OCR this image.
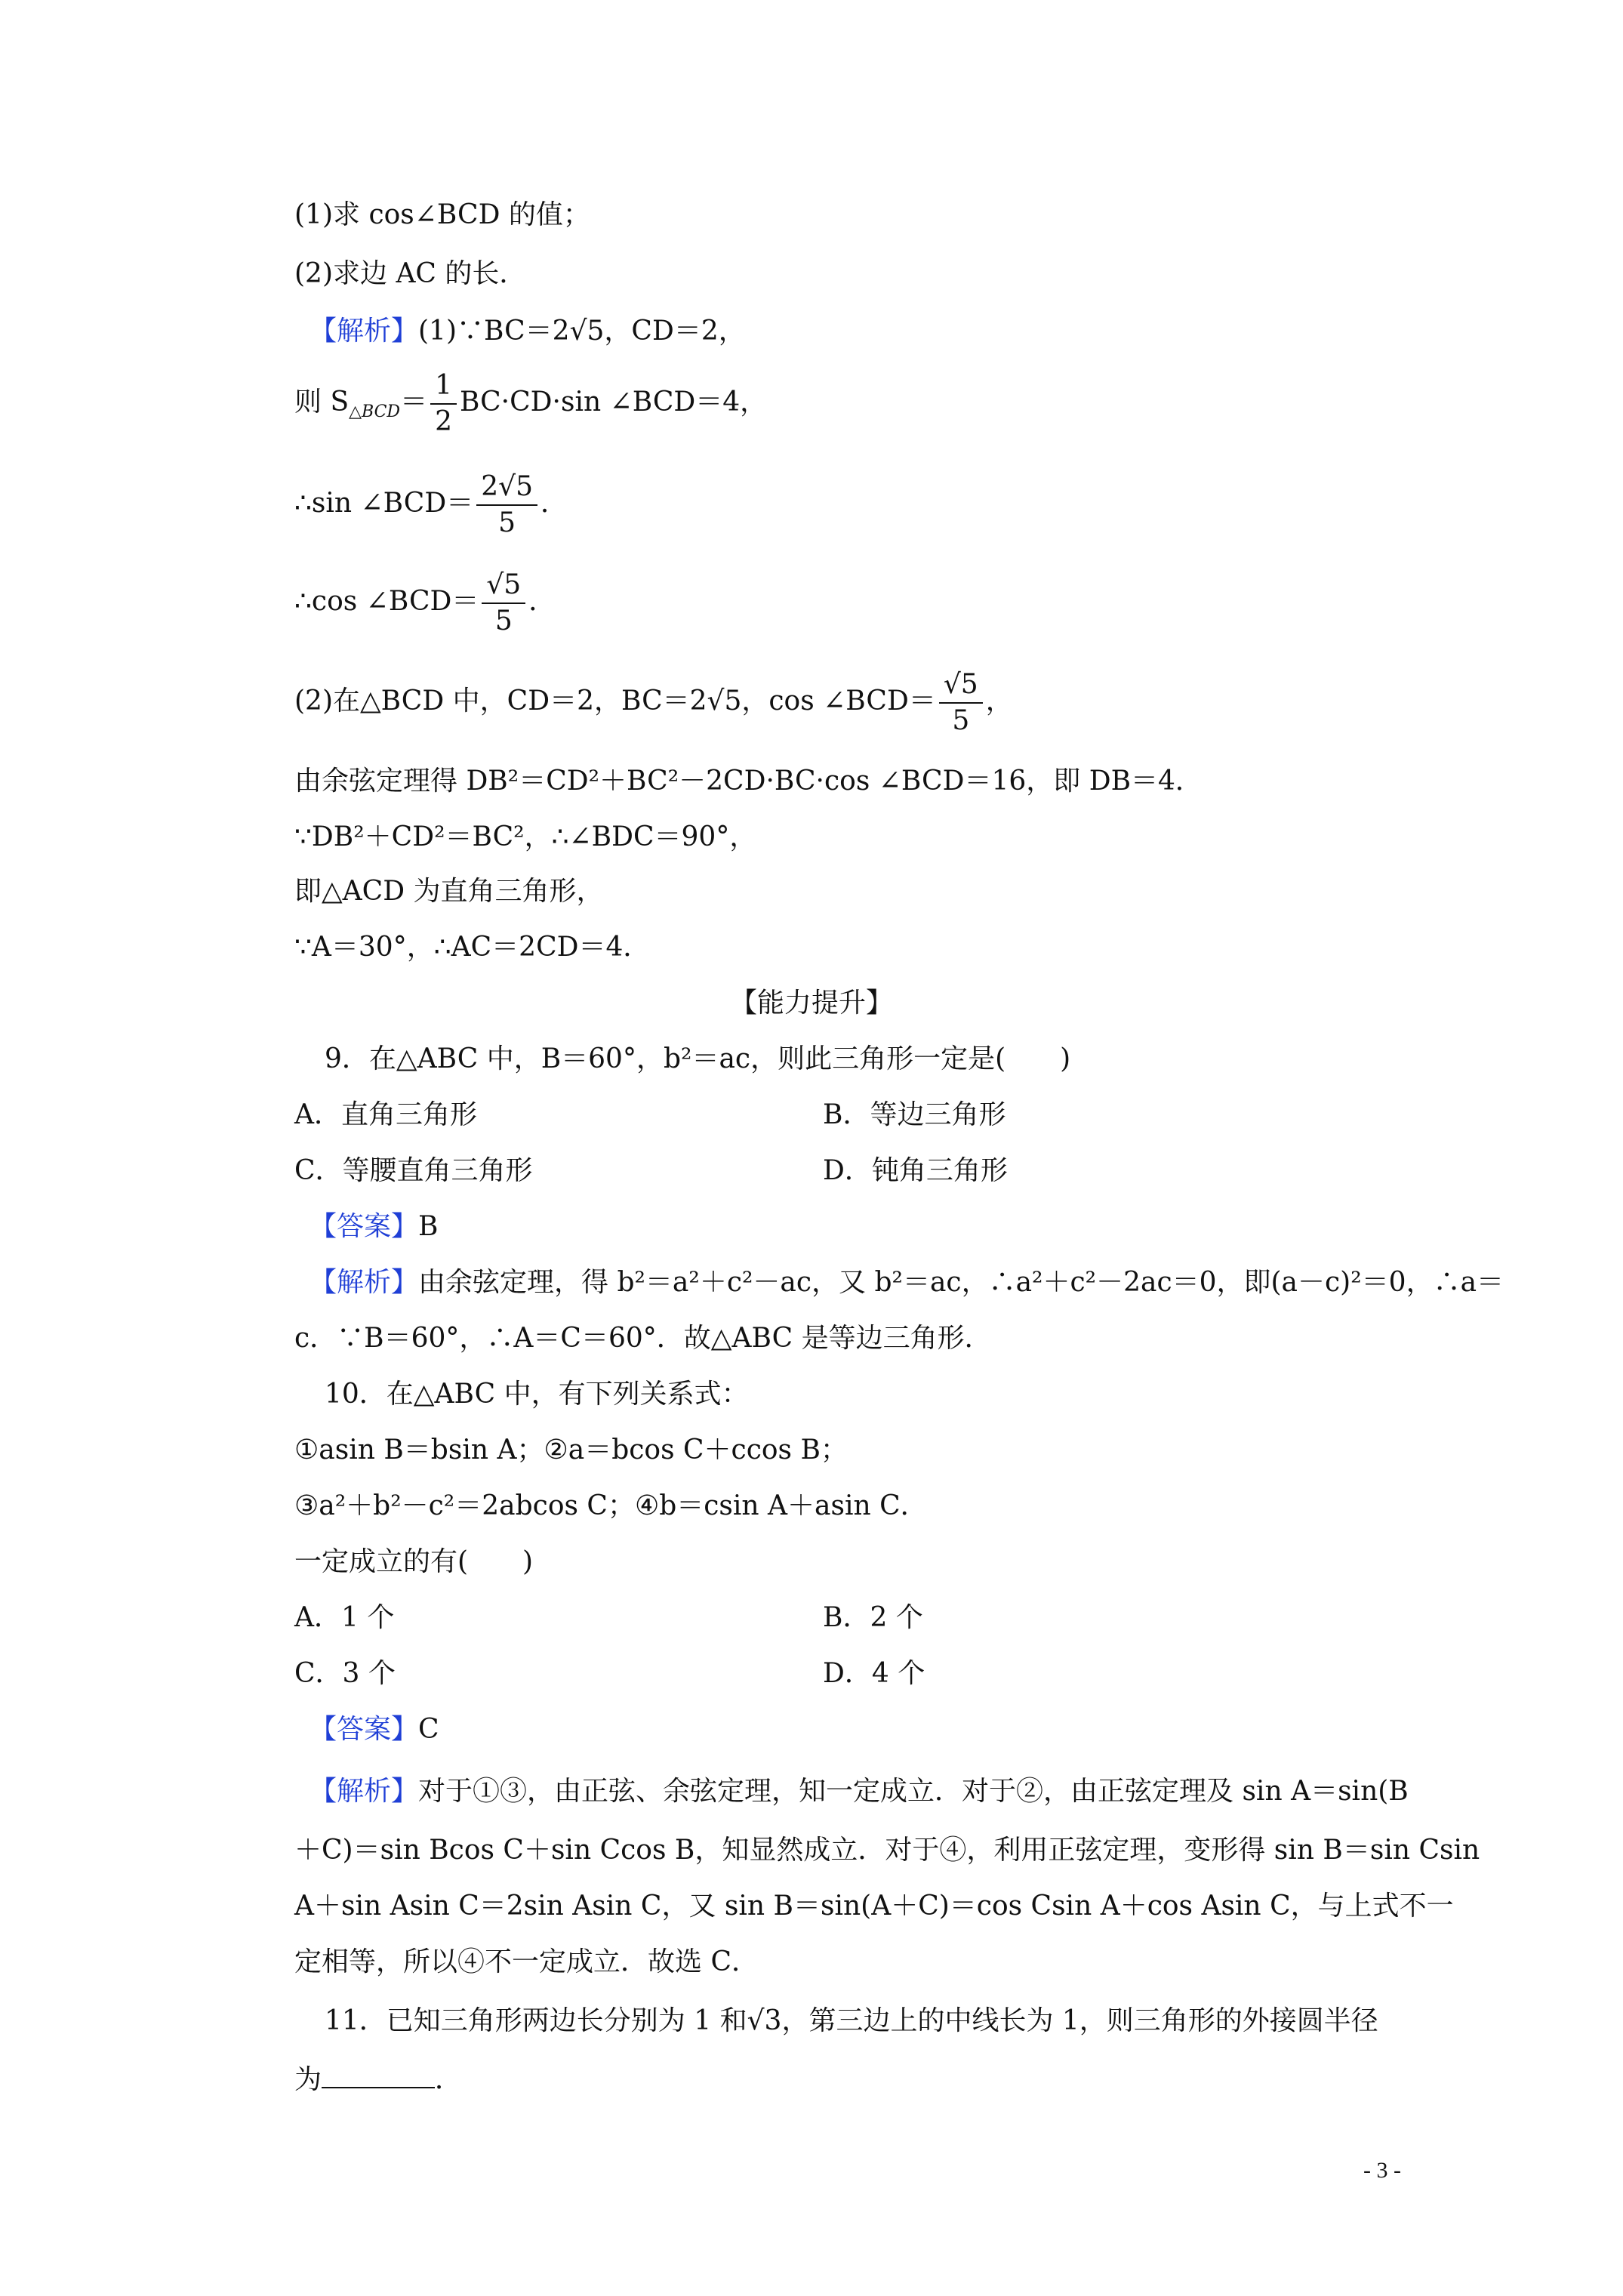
(1)求 cos∠BCD 的值；
(2)求边 AC 的长．
【解析】(1)∵BC＝2√5，CD＝2，
则 $S_{\triangle BCD}= \frac{1}{2} BC\cdot CD\cdot\sin$ ∠BCD＝4，
∴sin ∠BCD＝ $\frac{2√5}{5}$ ．
∴cos ∠BCD＝ $\frac{√5}{5}$ ．
(2)在△BCD 中，CD＝2，BC＝2√5，cos ∠BCD＝ $\frac{√5}{5}$ ，
由余弦定理得 DB²＝CD²＋BC²－2CD·BC·cos ∠BCD＝16，即 DB＝4．
∵DB²＋CD²＝BC²，∴∠BDC＝90°，
即△ACD 为直角三角形，
∵A＝30°，∴AC＝2CD＝4．
【能力提升】
9．在△ABC 中，B＝60°，b²＝ac，则此三角形一定是(　　)
A．直角三角形	B．等边三角形
C．等腰直角三角形	D．钝角三角形
【答案】B
【解析】由余弦定理，得 b²＝a²＋c²－ac，又 b²＝ac，∴a²＋c²－2ac＝0，即(a－c)²＝0，∴a＝
c．∵B＝60°，∴A＝C＝60°．故△ABC 是等边三角形．
10．在△ABC 中，有下列关系式：
①asin B＝bsin A；②a＝bcos C＋ccos B；
③a²＋b²－c²＝2abcos C；④b＝csin A＋asin C．
一定成立的有(　　)
A．1 个	B．2 个
C．3 个	D．4 个
【答案】C
【解析】对于①③，由正弦、余弦定理，知一定成立．对于②，由正弦定理及 sin A＝sin(B
＋C)＝sin Bcos C＋sin Ccos B，知显然成立．对于④，利用正弦定理，变形得 sin B＝sin Csin
A＋sin Asin C＝2sin Asin C，又 sin B＝sin(A＋C)＝cos Csin A＋cos Asin C，与上式不一
定相等，所以④不一定成立．故选 C．
11．已知三角形两边长分别为 1 和√3，第三边上的中线长为 1，则三角形的外接圆半径
为	．
- 3 -
